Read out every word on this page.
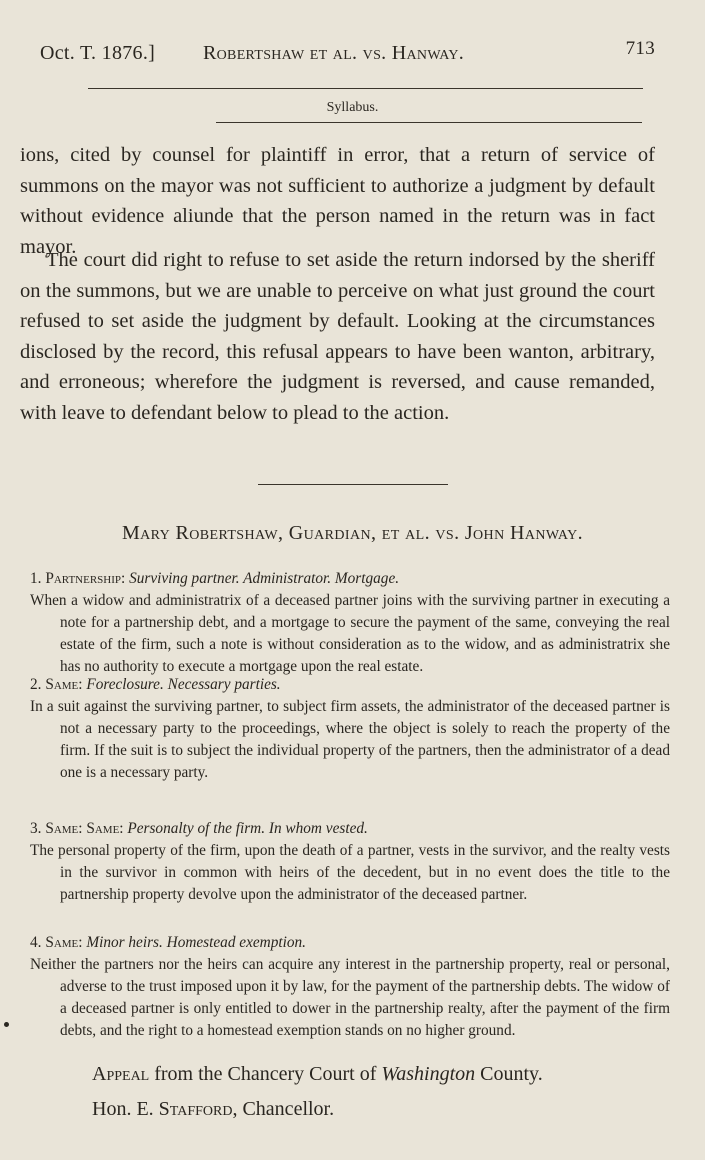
Oct. T. 1876.] Robertshaw et al. vs. Hanway.	713
Syllabus.

ions, cited by counsel for plaintiff in error, that a return of service of summons on the mayor was not sufficient to authorize a judgment by default without evidence aliunde that the person named in the return was in fact mayor.

The court did right to refuse to set aside the return indorsed by the sheriff on the summons, but we are unable to perceive on what just ground the court refused to set aside the judgment by default. Looking at the circumstances disclosed by the record, this refusal appears to have been wanton, arbitrary, and erroneous; wherefore the judgment is reversed, and cause remanded, with leave to defendant below to plead to the action.

Mary Robertshaw, Guardian, et al. vs. John Hanway.
1. Partnership: Surviving partner. Administrator. Mortgage.
When a widow and administratrix of a deceased partner joins with the surviving partner in executing a note for a partnership debt, and a mortgage to secure the payment of the same, conveying the real estate of the firm, such a note is without consideration as to the widow, and as administratrix she has no authority to execute a mortgage upon the real estate.
2. Same: Foreclosure. Necessary parties.
In a suit against the surviving partner, to subject firm assets, the administrator of the deceased partner is not a necessary party to the proceedings, where the object is solely to reach the property of the firm. If the suit is to subject the individual property of the partners, then the administrator of a dead one is a necessary party.
3. Same: Same: Personalty of the firm. In whom vested.
The personal property of the firm, upon the death of a partner, vests in the survivor, and the realty vests in the survivor in common with heirs of the decedent, but in no event does the title to the partnership property devolve upon the administrator of the deceased partner.
4. Same: Minor heirs. Homestead exemption.
Neither the partners nor the heirs can acquire any interest in the partnership property, real or personal, adverse to the trust imposed upon it by law, for the payment of the partnership debts. The widow of a deceased partner is only entitled to dower in the partnership realty, after the payment of the firm debts, and the right to a homestead exemption stands on no higher ground.
Appeal from the Chancery Court of Washington County.
Hon. E. Stafford, Chancellor.
